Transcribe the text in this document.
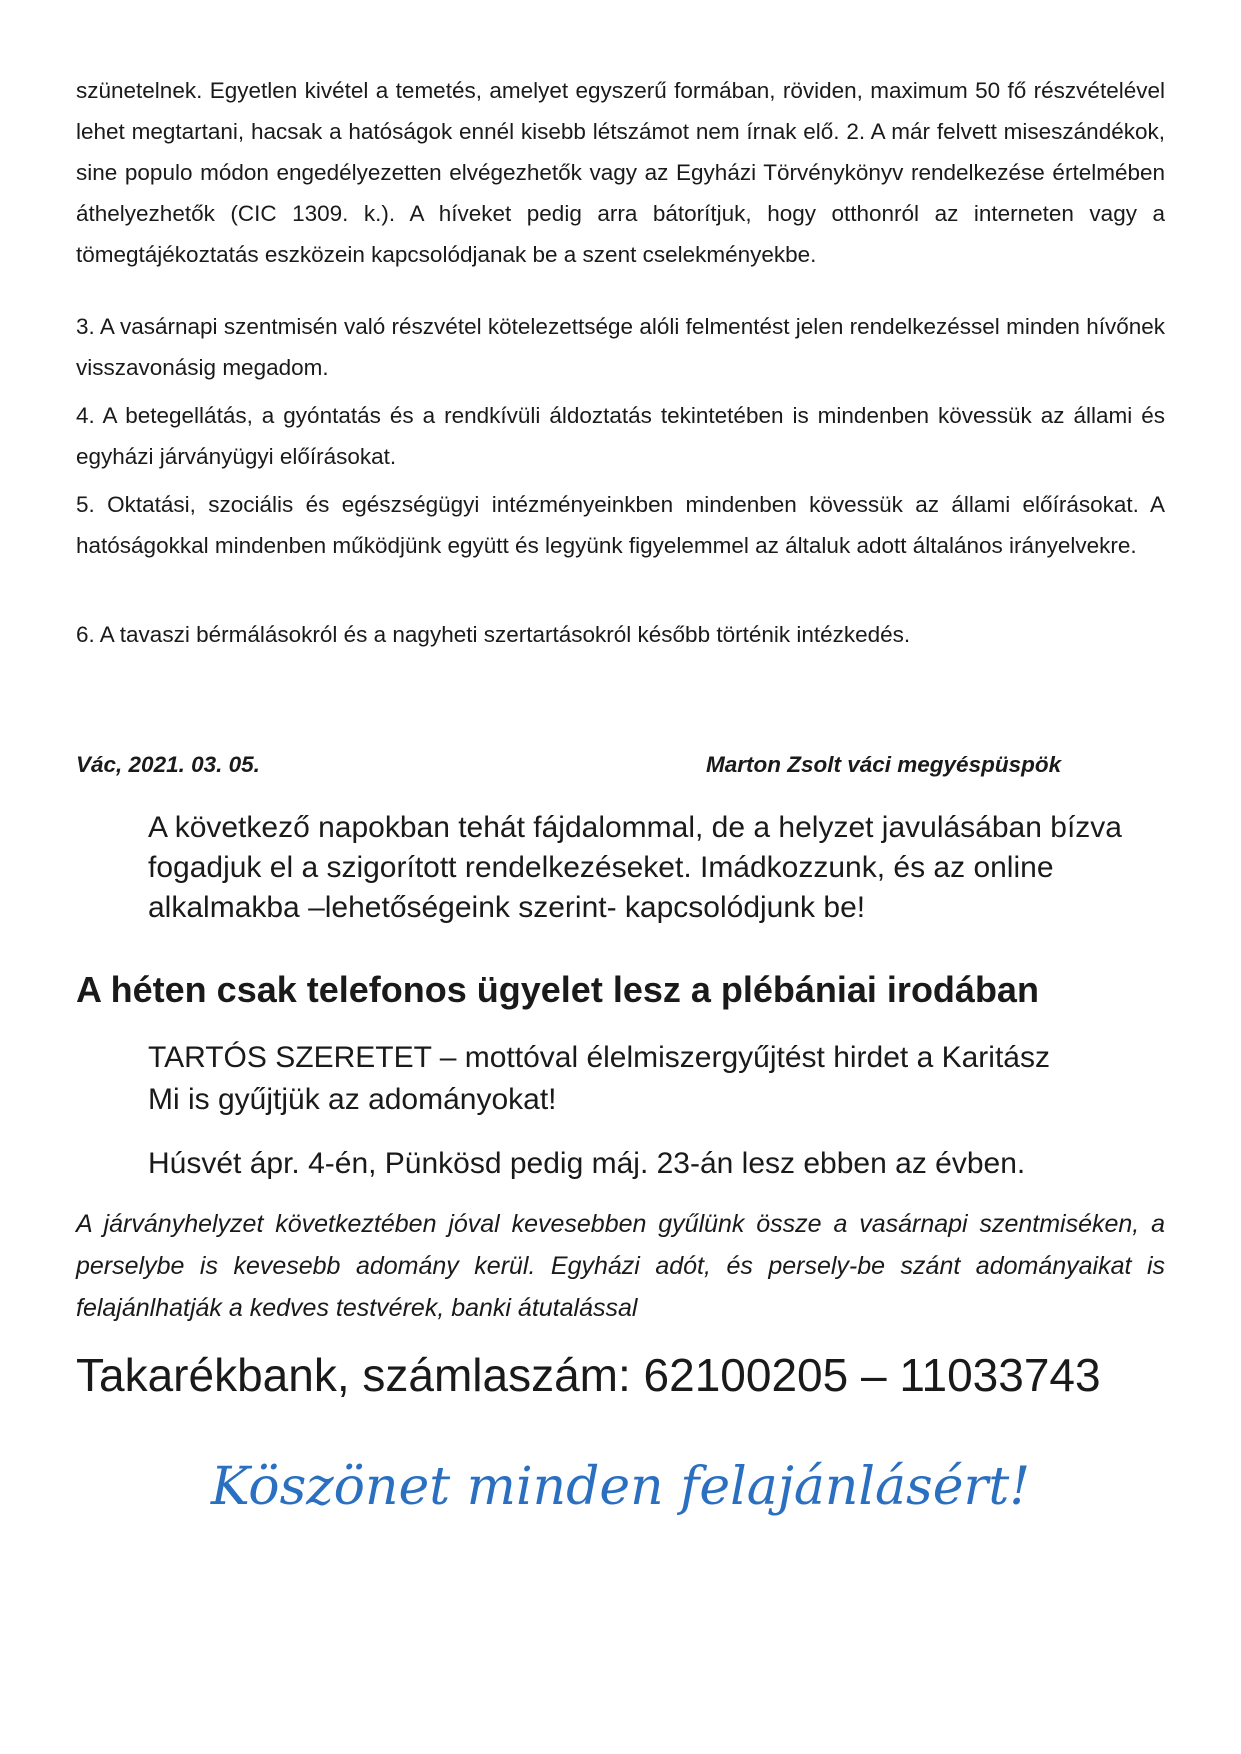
szünetelnek. Egyetlen kivétel a temetés, amelyet egyszerű formában, röviden, maximum 50 fő részvételével lehet megtartani, hacsak a hatóságok ennél kisebb létszámot nem írnak elő. 2. A már felvett miseszándékok, sine populo módon engedélyezetten elvégezhetők vagy az Egyházi Törvénykönyv rendelkezése értelmében áthelyezhetők (CIC 1309. k.). A híveket pedig arra bátorítjuk, hogy otthonról az interneten vagy a tömegtájékoztatás eszközein kapcsolódjanak be a szent cselekményekbe.

3. A vasárnapi szentmisén való részvétel kötelezettsége alóli felmentést jelen rendelkezéssel minden hívőnek visszavonásig megadom.

4. A betegellátás, a gyóntatás és a rendkívüli áldoztatás tekintetében is mindenben kövessük az állami és egyházi járványügyi előírásokat.

5. Oktatási, szociális és egészségügyi intézményeinkben mindenben kövessük az állami előírásokat. A hatóságokkal mindenben működjünk együtt és legyünk figyelemmel az általuk adott általános irányelvekre.

6. A tavaszi bérmálásokról és a nagyheti szertartásokról később történik intézkedés.

Vác, 2021. 03. 05.	Marton Zsolt váci megyéspüspök

A következő napokban tehát fájdalommal, de a helyzet javulásában bízva fogadjuk el a szigorított rendelkezéseket. Imádkozzunk, és az online alkalmakba –lehetőségeink szerint- kapcsolódjunk be!

A héten csak telefonos ügyelet lesz a plébániai irodában

TARTÓS SZERETET – mottóval élelmiszergyűjtést hirdet a Karitász

Mi is gyűjtjük az adományokat!

Húsvét ápr. 4-én, Pünkösd pedig máj. 23-án lesz ebben az évben.

A járványhelyzet következtében jóval kevesebben gyűlünk össze a vasárnapi szentmiséken, a perselybe is kevesebb adomány kerül. Egyházi adót, és persely-be szánt adományaikat is felajánlhatják a kedves testvérek, banki átutalással

Takarékbank, számlaszám: 62100205 – 11033743

Köszönet minden felajánlásért!
